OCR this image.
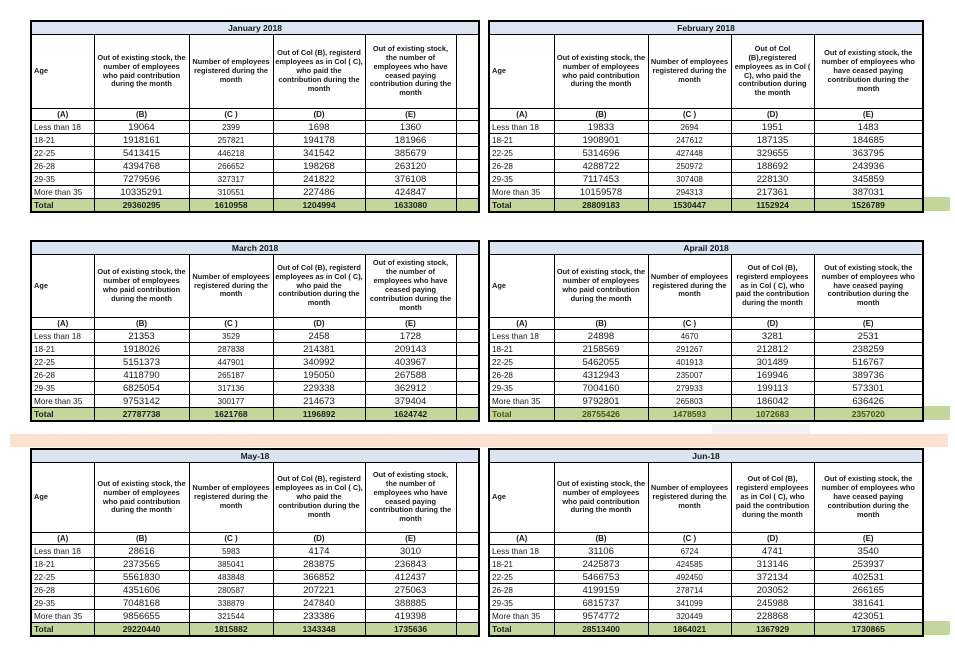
January 2018					
Age	Out of existing stock, the number of employees who paid contribution during the month	Number of employees registered during the month	Out of Col (B), registerd employees as in Col ( C), who paid the contribution during the month	Out of existing stock, the number of employees who have ceased paying contribution during the month	
(A)	(B)	(C )	(D)	(E)	
Less than 18	19064	2399	1698	1360	
18-21	1918161	257821	194178	181966	
22-25	5413415	446218	341542	385679	
26-28	4394768	266652	198268	263120	
29-35	7279596	327317	241822	376108	
More than 35	10335291	310551	227486	424847	
Total	29360295	1610958	1204994	1633080	
February 2018				
Age	Out of existing stock, the number of employees who paid contribution during the month	Number of employees registered during the month	Out of Col (B),registered employees as in Col ( C), who paid the contribution during the month	Out of existing stock, the number of employees who have ceased paying contribution during the month
(A)	(B)	(C )	(D)	(E)
Less than 18	19833	2694	1951	1483
18-21	1908901	247612	187135	184685
22-25	5314696	427448	329655	363795
26-28	4288722	250972	188692	243936
29-35	7117453	307408	228130	345859
More than 35	10159578	294313	217361	387031
Total	28809183	1530447	1152924	1526789
March 2018					
Age	Out of existing stock, the number of employees who paid contribution during the month	Number of employees registered during the month	Out of Col (B), registerd employees as in Col ( C), who paid the contribution during the month	Out of existing stock, the number of employees who have ceased paying contribution during the month	
(A)	(B)	(C )	(D)	(E)	
Less than 18	21353	3529	2458	1728	
18-21	1918026	287838	214381	209143	
22-25	5151373	447901	340992	403967	
26-28	4118790	265187	195050	267588	
29-35	6825054	317136	229338	362912	
More than 35	9753142	300177	214673	379404	
Total	27787738	1621768	1196892	1624742	
Aprail 2018				
Age	Out of existing stock, the number of employees who paid contribution during the month	Number of employees registered during the month	Out of Col (B), registerd employees as in Col ( C), who paid the contribution during the month	Out of existing stock, the number of employees who have ceased paying contribution during the month
(A)	(B)	(C )	(D)	(E)
Less than 18	24898	4670	3281	2531
18-21	2158569	291267	212812	238259
22-25	5462055	401913	301489	516767
26-28	4312943	235007	169946	389736
29-35	7004160	279933	199113	573301
More than 35	9792801	265803	186042	636426
Total	28755426	1478593	1072683	2357020
May-18					
Age	Out of existing stock, the number of employees who paid contribution during the month	Number of employees registered during the month	Out of Col (B), registerd employees as in Col ( C), who paid the contribution during the month	Out of existing stock, the number of employees who have ceased paying contribution during the month	
(A)	(B)	(C )	(D)	(E)	
Less than 18	28616	5983	4174	3010	
18-21	2373565	385041	283875	236843	
22-25	5561830	483848	366852	412437	
26-28	4351606	280587	207221	275063	
29-35	7048168	338879	247840	388885	
More than 35	9856655	321544	233386	419398	
Total	29220440	1815882	1343348	1735636	
Jun-18				
Age	Out of existing stock, the number of employees who paid contribution during the month	Number of employees registered during the month	Out of Col (B), registerd employees as in Col ( C), who paid the contribution during the month	Out of existing stock, the number of employees who have ceased paying contribution during the month
(A)	(B)	(C )	(D)	(E)
Less than 18	31106	6724	4741	3540
18-21	2425873	424585	313146	253937
22-25	5466753	492450	372134	402531
26-28	4199159	278714	203052	266165
29-35	6815737	341099	245988	381641
More than 35	9574772	320449	228868	423051
Total	28513400	1864021	1367929	1730865
